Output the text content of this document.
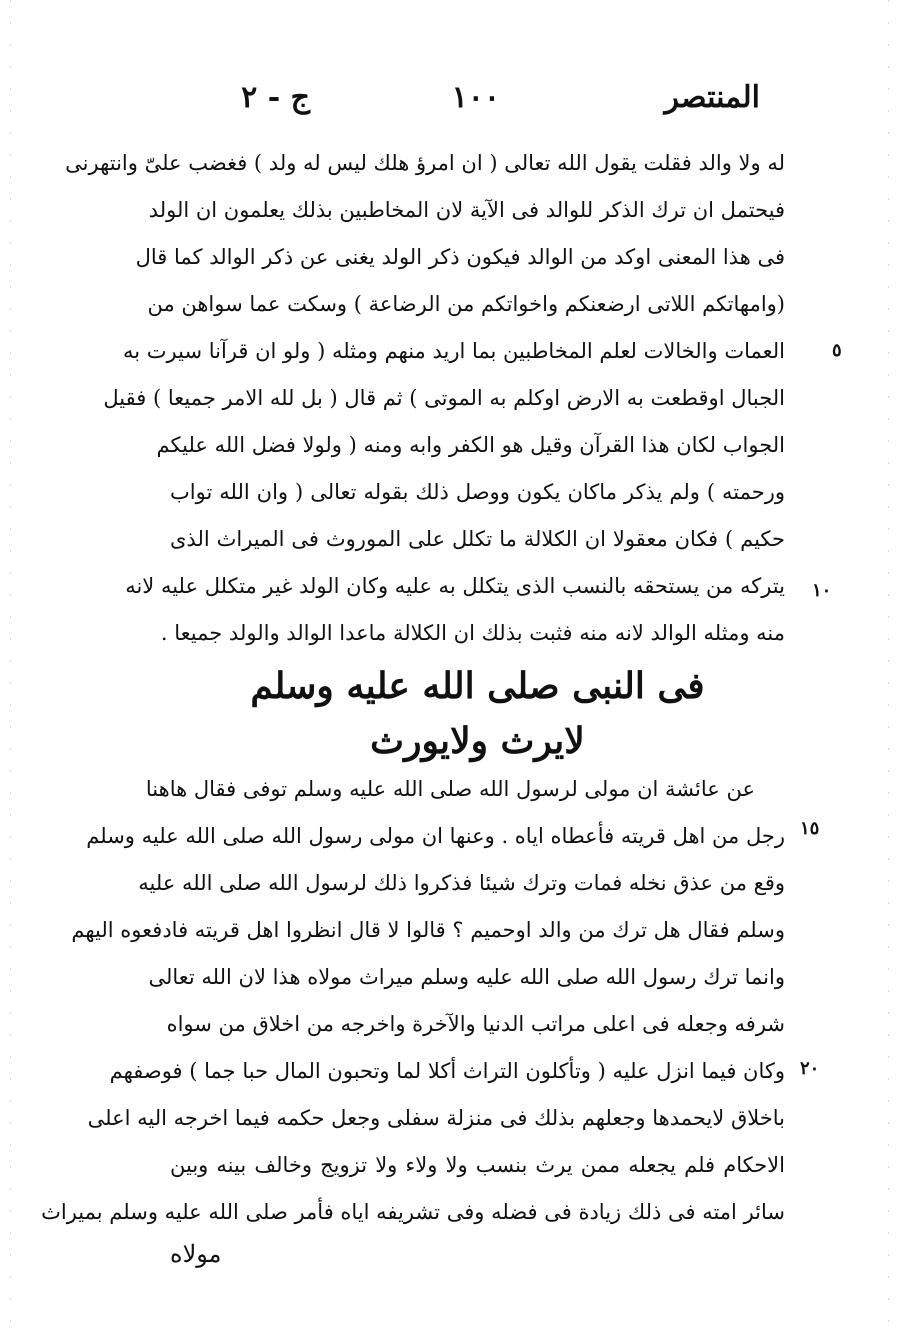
المنتصر
١٠٠
ج - ٢
له ولا والد فقلت يقول الله تعالى ( ان امرؤ هلك ليس له ولد ) فغضب علىّ وانتهرنى
فيحتمل ان ترك الذكر للوالد فى الآية لان المخاطبين بذلك يعلمون ان الولد
فى هذا المعنى اوكد من الوالد فيكون ذكر الولد يغنى عن ذكر الوالد كما قال
(وامهاتكم اللاتى ارضعنكم واخواتكم من الرضاعة ) وسكت عما سواهن من
العمات والخالات لعلم المخاطبين بما اريد منهم ومثله ( ولو ان قرآنا سيرت به
الجبال اوقطعت به الارض اوكلم به الموتى ) ثم قال ( بل لله الامر جميعا ) فقيل
الجواب لكان هذا القرآن وقيل هو الكفر وابه ومنه ( ولولا فضل الله عليكم
ورحمته ) ولم يذكر ماكان يكون ووصل ذلك بقوله تعالى ( وان الله تواب
حكيم ) فكان معقولا ان الكلالة ما تكلل على الموروث فى الميراث الذى
يتركه من يستحقه بالنسب الذى يتكلل به عليه وكان الولد غير متكلل عليه لانه
منه ومثله الوالد لانه منه فثبت بذلك ان الكلالة ماعدا الوالد والولد جميعا .
فى النبى صلى الله عليه وسلم
لايرث ولايورث
عن عائشة ان مولى لرسول الله صلى الله عليه وسلم توفى فقال هاهنا
رجل من اهل قريته فأعطاه اياه . وعنها ان مولى رسول الله صلى الله عليه وسلم
وقع من عذق نخله فمات وترك شيئا فذكروا ذلك لرسول الله صلى الله عليه
وسلم فقال هل ترك من والد اوحميم ؟ قالوا لا قال انظروا اهل قريته فادفعوه اليهم
وانما ترك رسول الله صلى الله عليه وسلم ميراث مولاه هذا لان الله تعالى
شرفه وجعله فى اعلى مراتب الدنيا والآخرة واخرجه من اخلاق من سواه
وكان فيما انزل عليه ( وتأكلون التراث أكلا لما وتحبون المال حبا جما ) فوصفهم
باخلاق لايحمدها وجعلهم بذلك فى منزلة سفلى وجعل حكمه فيما اخرجه اليه اعلى
الاحكام فلم يجعله ممن يرث بنسب ولا ولاء ولا تزويج وخالف بينه وبين
سائر امته فى ذلك زيادة فى فضله وفى تشريفه اياه فأمر صلى الله عليه وسلم بميراث
مولاه
٥
١٠
١٥
٢٠
